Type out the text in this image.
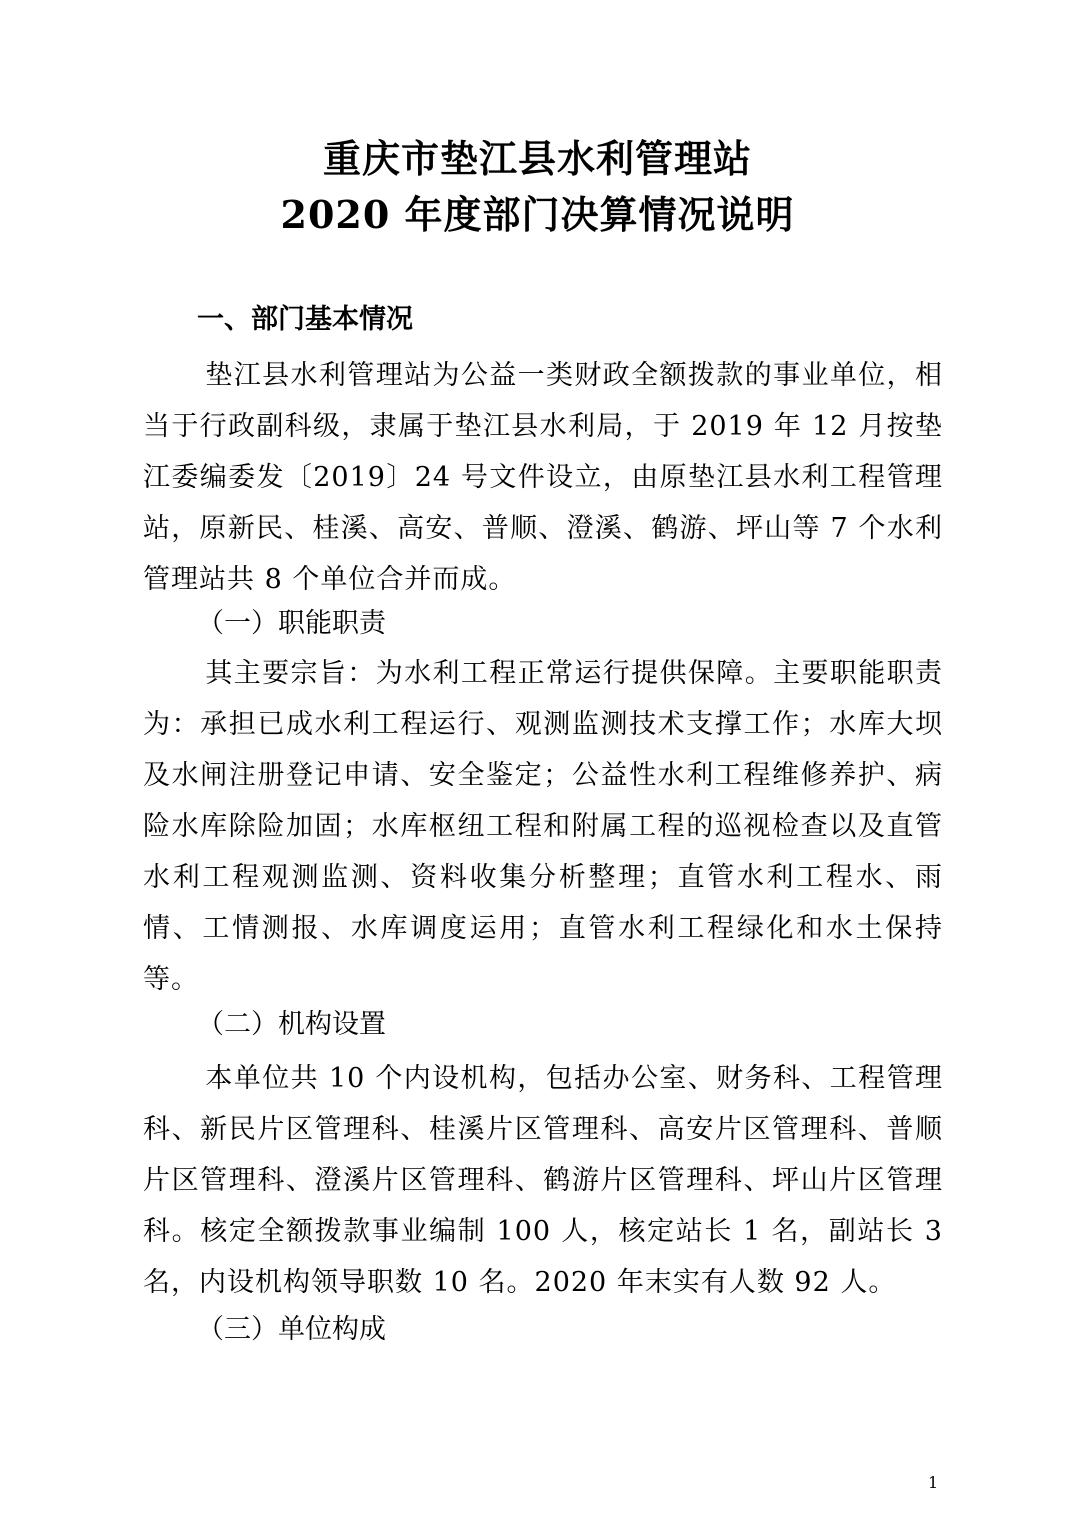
重庆市垫江县水利管理站
2020 年度部门决算情况说明
一、部门基本情况

垫江县水利管理站为公益一类财政全额拨款的事业单位，相当于行政副科级，隶属于垫江县水利局，于 2019 年 12 月按垫江委编委发〔2019〕24 号文件设立，由原垫江县水利工程管理站，原新民、桂溪、高安、普顺、澄溪、鹤游、坪山等 7 个水利管理站共 8 个单位合并而成。

（一）职能职责

其主要宗旨：为水利工程正常运行提供保障。主要职能职责为：承担已成水利工程运行、观测监测技术支撑工作；水库大坝及水闸注册登记申请、安全鉴定；公益性水利工程维修养护、病险水库除险加固；水库枢纽工程和附属工程的巡视检查以及直管水利工程观测监测、资料收集分析整理；直管水利工程水、雨情、工情测报、水库调度运用；直管水利工程绿化和水土保持等。

（二）机构设置

本单位共 10 个内设机构，包括办公室、财务科、工程管理科、新民片区管理科、桂溪片区管理科、高安片区管理科、普顺片区管理科、澄溪片区管理科、鹤游片区管理科、坪山片区管理科。核定全额拨款事业编制 100 人，核定站长 1 名，副站长 3 名，内设机构领导职数 10 名。2020 年末实有人数 92 人。

（三）单位构成
1
